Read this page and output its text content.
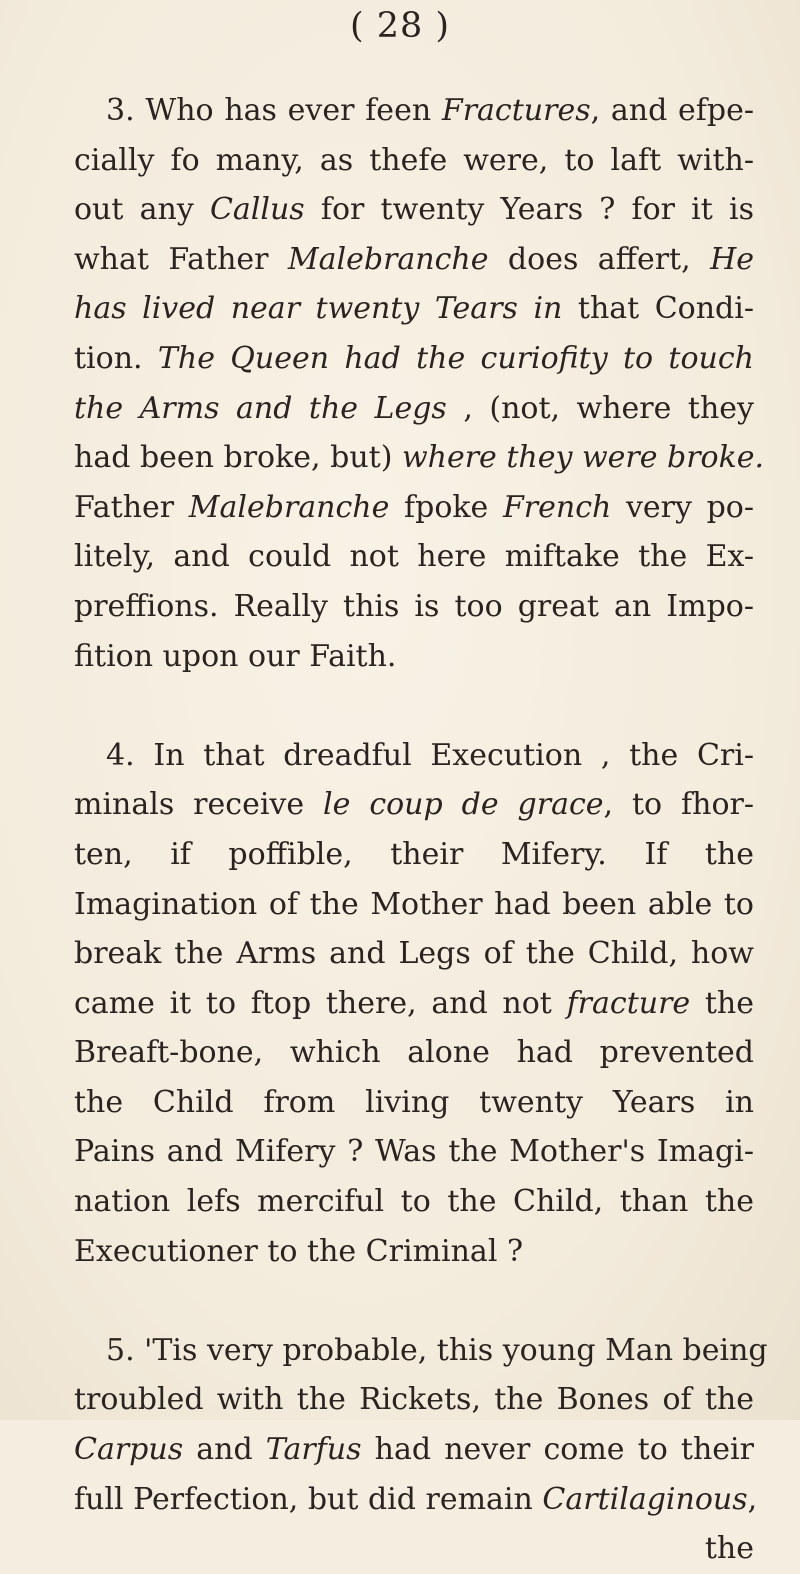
( 28 )
3. Who has ever feen Fractures, and efpe-
cially fo many, as thefe were, to laft with-
out any Callus for twenty Years ? for it is
what Father Malebranche does affert, He
has lived near twenty Tears in that Condi-
tion. The Queen had the curiofity to touch
the Arms and the Legs , (not, where they
had been broke, but) where they were broke.
Father Malebranche fpoke French very po-
litely, and could not here miftake the Ex-
preffions. Really this is too great an Impo-
fition upon our Faith.
4. In that dreadful Execution , the Cri-
minals receive le coup de grace, to fhor-
ten, if poffible, their Mifery. If the
Imagination of the Mother had been able to
break the Arms and Legs of the Child, how
came it to ftop there, and not fracture the
Breaft-bone, which alone had prevented
the Child from living twenty Years in
Pains and Mifery ? Was the Mother's Imagi-
nation lefs merciful to the Child, than the
Executioner to the Criminal ?
5. 'Tis very probable, this young Man being
troubled with the Rickets, the Bones of the
Carpus and Tarfus had never come to their
full Perfection, but did remain Cartilaginous,
the
